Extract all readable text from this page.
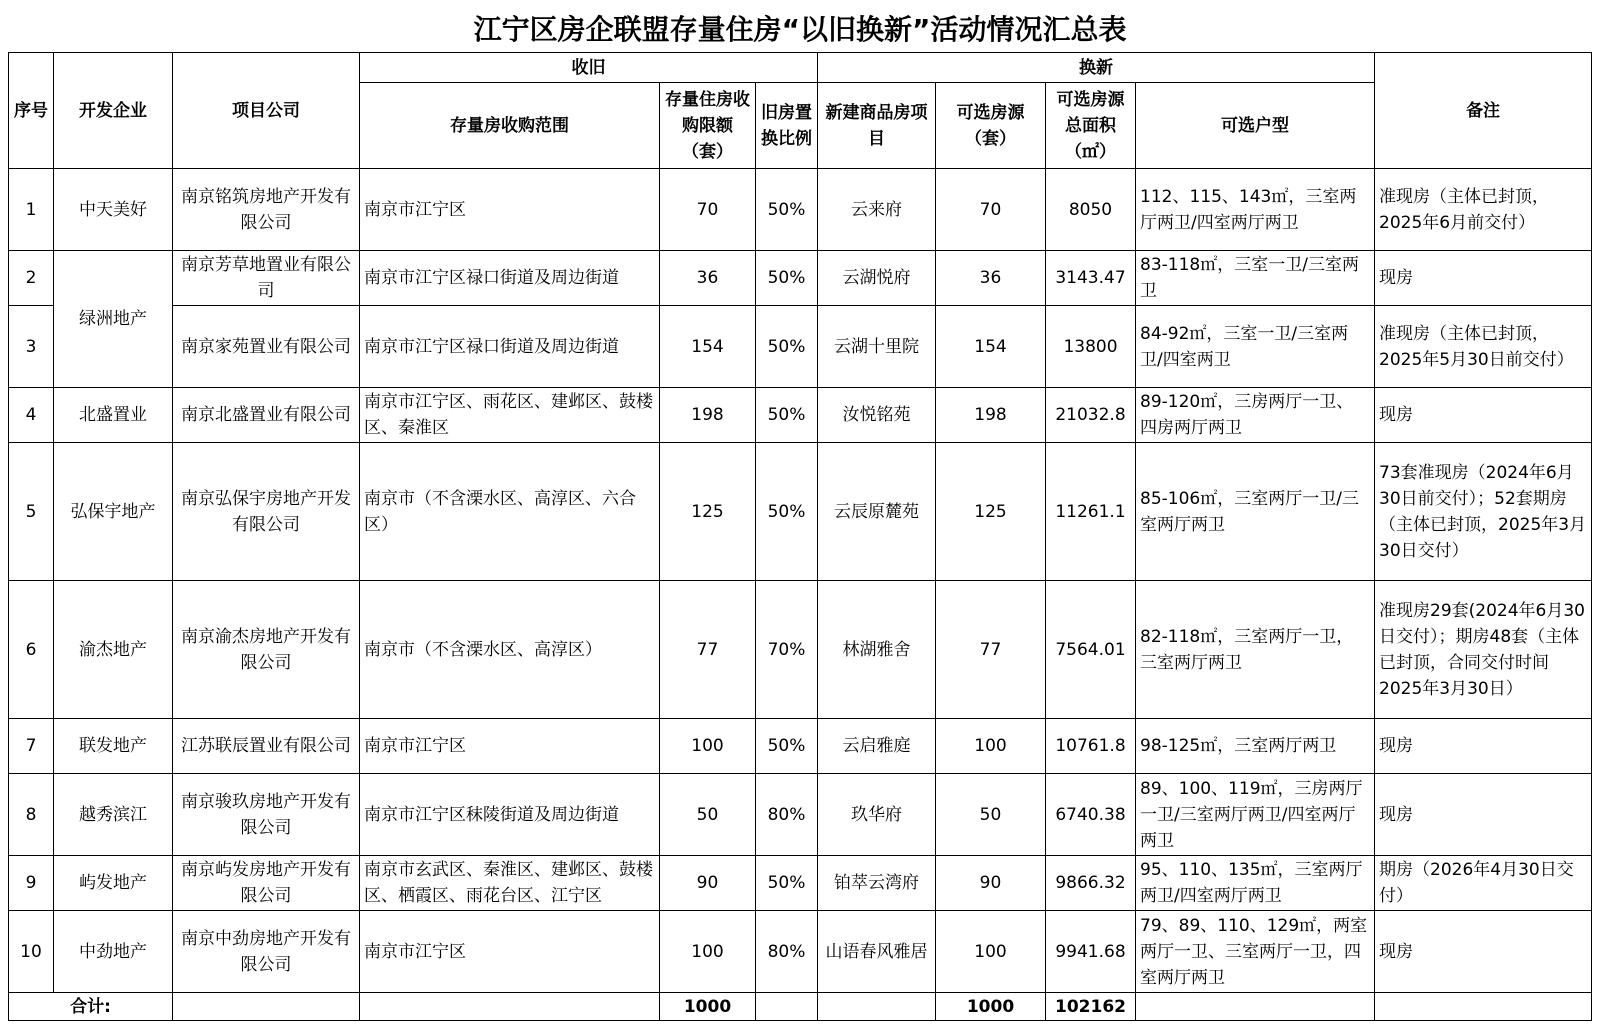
江宁区房企联盟存量住房“以旧换新”活动情况汇总表										
序号	开发企业	项目公司	收旧			换新				备注
			存量房收购范围	存量住房收购限额（套）	旧房置换比例	新建商品房项目	可选房源（套）	可选房源总面积（㎡）	可选户型	
1	中天美好	南京铭筑房地产开发有限公司	南京市江宁区	70	50%	云来府	70	8050	112、115、143㎡，三室两厅两卫/四室两厅两卫	准现房（主体已封顶，2025年6月前交付）
2	绿洲地产	南京芳草地置业有限公司	南京市江宁区禄口街道及周边街道	36	50%	云湖悦府	36	3143.47	83-118㎡，三室一卫/三室两卫	现房
3		南京家苑置业有限公司	南京市江宁区禄口街道及周边街道	154	50%	云湖十里院	154	13800	84-92㎡，三室一卫/三室两卫/四室两卫	准现房（主体已封顶，2025年5月30日前交付）
4	北盛置业	南京北盛置业有限公司	南京市江宁区、雨花区、建邺区、鼓楼区、秦淮区	198	50%	汝悦铭苑	198	21032.8	89-120㎡，三房两厅一卫、四房两厅两卫	现房
5	弘保宇地产	南京弘保宇房地产开发有限公司	南京市（不含溧水区、高淳区、六合区）	125	50%	云辰原麓苑	125	11261.1	85-106㎡，三室两厅一卫/三室两厅两卫	73套准现房（2024年6月30日前交付）；52套期房（主体已封顶，2025年3月30日交付）
6	渝杰地产	南京渝杰房地产开发有限公司	南京市（不含溧水区、高淳区）	77	70%	林湖雅舍	77	7564.01	82-118㎡，三室两厅一卫，三室两厅两卫	准现房29套(2024年6月30日交付）；期房48套（主体已封顶，合同交付时间2025年3月30日）
7	联发地产	江苏联辰置业有限公司	南京市江宁区	100	50%	云启雅庭	100	10761.8	98-125㎡，三室两厅两卫	现房
8	越秀滨江	南京骏玖房地产开发有限公司	南京市江宁区秣陵街道及周边街道	50	80%	玖华府	50	6740.38	89、100、119㎡，三房两厅一卫/三室两厅两卫/四室两厅两卫	现房
9	屿发地产	南京屿发房地产开发有限公司	南京市玄武区、秦淮区、建邺区、鼓楼区、栖霞区、雨花台区、江宁区	90	50%	铂萃云湾府	90	9866.32	95、110、135㎡，三室两厅两卫/四室两厅两卫	期房（2026年4月30日交付）
10	中劲地产	南京中劲房地产开发有限公司	南京市江宁区	100	80%	山语春风雅居	100	9941.68	79、89、110、129㎡，两室两厅一卫、三室两厅一卫，四室两厅两卫	现房
合计:				1000			1000	102162		
